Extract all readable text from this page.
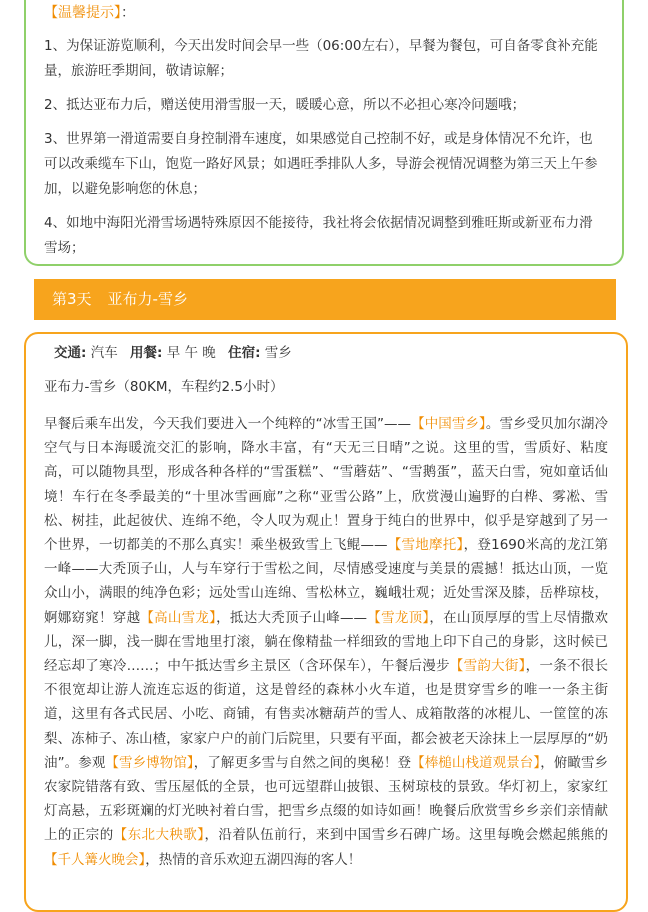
【温馨提示】：

1、为保证游览顺利，今天出发时间会早一些（06:00左右），早餐为餐包，可自备零食补充能量，旅游旺季期间，敬请谅解；

2、抵达亚布力后，赠送使用滑雪服一天，暖暖心意，所以不必担心寒冷问题哦；

3、世界第一滑道需要自身控制滑车速度，如果感觉自己控制不好，或是身体情况不允许，也可以改乘缆车下山，饱览一路好风景；如遇旺季排队人多，导游会视情况调整为第三天上午参加，以避免影响您的休息；

4、如地中海阳光滑雪场遇特殊原因不能接待，我社将会依据情况调整到雅旺斯或新亚布力滑雪场；

第3天 亚布力-雪乡

交通: 汽车 用餐: 早 午 晚 住宿: 雪乡

亚布力-雪乡（80KM，车程约2.5小时）

早餐后乘车出发，今天我们要进入一个纯粹的“冰雪王国”——【中国雪乡】。雪乡受贝加尔湖冷空气与日本海暖流交汇的影响，降水丰富，有“天无三日晴”之说。这里的雪，雪质好、粘度高，可以随物具型，形成各种各样的“雪蛋糕”、“雪蘑菇”、“雪鹅蛋”，蓝天白雪，宛如童话仙境！车行在冬季最美的“十里冰雪画廊”之称“亚雪公路”上，欣赏漫山遍野的白桦、雾凇、雪松、树挂，此起彼伏、连绵不绝，令人叹为观止！置身于纯白的世界中，似乎是穿越到了另一个世界，一切都美的不那么真实！乘坐极致雪上飞鲲——【雪地摩托】，登1690米高的龙江第一峰——大秃顶子山，人与车穿行于雪松之间，尽情感受速度与美景的震撼！抵达山顶，一览众山小，满眼的纯净色彩；远处雪山连绵、雪松林立，巍峨壮观；近处雪深及膝，岳桦琼枝，婀娜窈窕！穿越【高山雪龙】，抵达大秃顶子山峰——【雪龙顶】，在山顶厚厚的雪上尽情撒欢儿，深一脚，浅一脚在雪地里打滚，躺在像精盐一样细致的雪地上印下自己的身影，这时候已经忘却了寒冷……；中午抵达雪乡主景区（含环保车），午餐后漫步【雪韵大街】，一条不很长不很宽却让游人流连忘返的街道，这是曾经的森林小火车道，也是贯穿雪乡的唯一一条主街道，这里有各式民居、小吃、商铺，有售卖冰糖葫芦的雪人、成箱散落的冰棍儿、一筐筐的冻梨、冻柿子、冻山楂，家家户户的前门后院里，只要有平面，都会被老天涂抹上一层厚厚的“奶油”。参观【雪乡博物馆】，了解更多雪与自然之间的奥秘！登【棒槌山栈道观景台】，俯瞰雪乡农家院错落有致、雪压屋低的全景，也可远望群山披银、玉树琼枝的景致。华灯初上，家家红灯高悬，五彩斑斓的灯光映衬着白雪，把雪乡点缀的如诗如画！晚餐后欣赏雪乡乡亲们亲情献上的正宗的【东北大秧歌】，沿着队伍前行，来到中国雪乡石碑广场。这里每晚会燃起熊熊的【千人篝火晚会】，热情的音乐欢迎五湖四海的客人！
